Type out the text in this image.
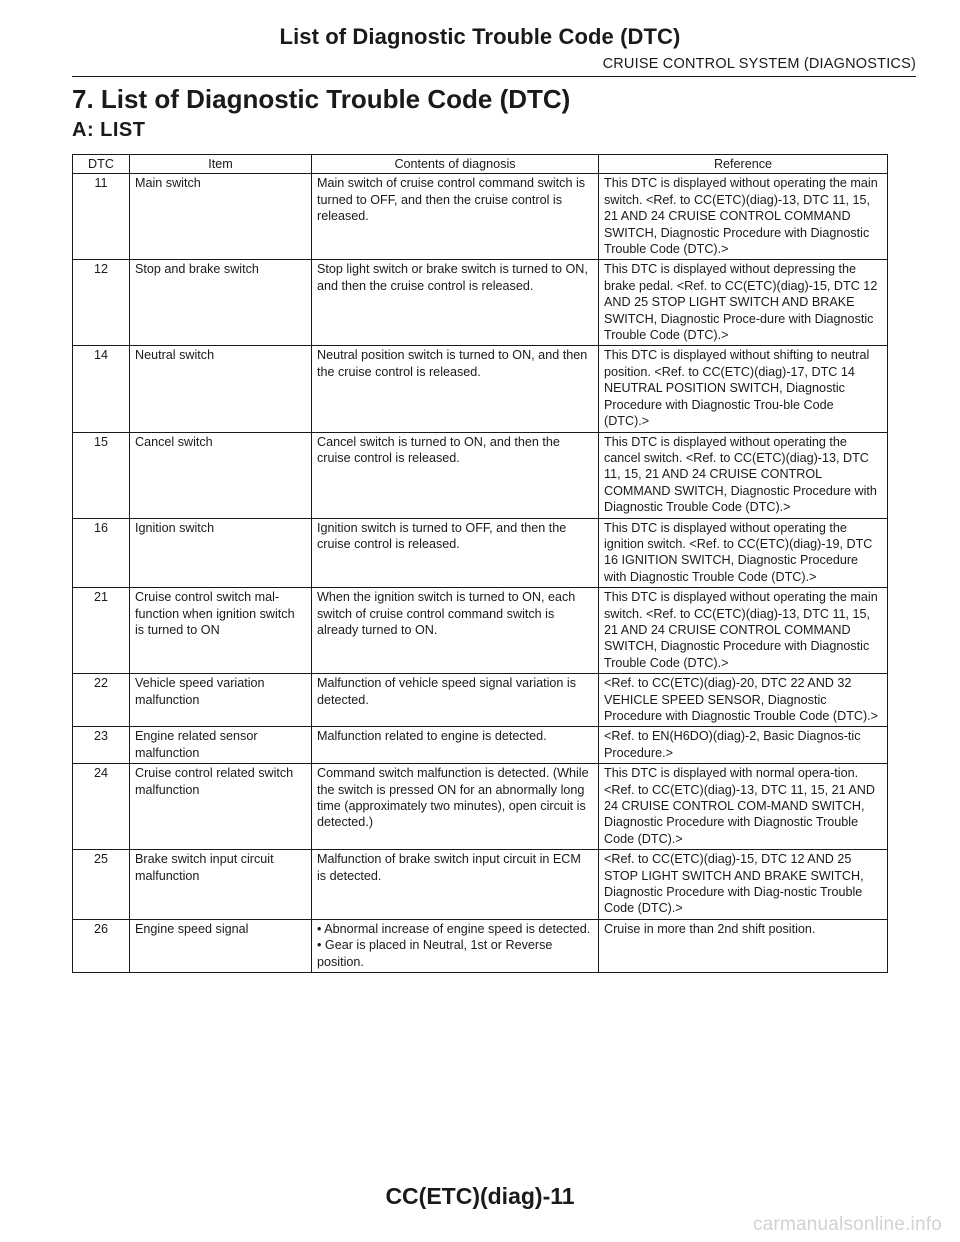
List of Diagnostic Trouble Code (DTC)
CRUISE CONTROL SYSTEM (DIAGNOSTICS)
7. List of Diagnostic Trouble Code (DTC)
A: LIST
DTC	Item	Contents of diagnosis	Reference
11	Main switch	Main switch of cruise control command switch is turned to OFF, and then the cruise control is released.	This DTC is displayed without operating the main switch. <Ref. to CC(ETC)(diag)-13, DTC 11, 15, 21 AND 24 CRUISE CONTROL COMMAND SWITCH, Diagnostic Procedure with Diagnostic Trouble Code (DTC).>
12	Stop and brake switch	Stop light switch or brake switch is turned to ON, and then the cruise control is released.	This DTC is displayed without depressing the brake pedal. <Ref. to CC(ETC)(diag)-15, DTC 12 AND 25 STOP LIGHT SWITCH AND BRAKE SWITCH, Diagnostic Proce-dure with Diagnostic Trouble Code (DTC).>
14	Neutral switch	Neutral position switch is turned to ON, and then the cruise control is released.	This DTC is displayed without shifting to neutral position. <Ref. to CC(ETC)(diag)-17, DTC 14 NEUTRAL POSITION SWITCH, Diagnostic Procedure with Diagnostic Trou-ble Code (DTC).>
15	Cancel switch	Cancel switch is turned to ON, and then the cruise control is released.	This DTC is displayed without operating the cancel switch. <Ref. to CC(ETC)(diag)-13, DTC 11, 15, 21 AND 24 CRUISE CONTROL COMMAND SWITCH, Diagnostic Procedure with Diagnostic Trouble Code (DTC).>
16	Ignition switch	Ignition switch is turned to OFF, and then the cruise control is released.	This DTC is displayed without operating the ignition switch. <Ref. to CC(ETC)(diag)-19, DTC 16 IGNITION SWITCH, Diagnostic Procedure with Diagnostic Trouble Code (DTC).>
21	Cruise control switch mal-function when ignition switch is turned to ON	When the ignition switch is turned to ON, each switch of cruise control command switch is already turned to ON.	This DTC is displayed without operating the main switch. <Ref. to CC(ETC)(diag)-13, DTC 11, 15, 21 AND 24 CRUISE CONTROL COMMAND SWITCH, Diagnostic Procedure with Diagnostic Trouble Code (DTC).>
22	Vehicle speed variation malfunction	Malfunction of vehicle speed signal variation is detected.	<Ref. to CC(ETC)(diag)-20, DTC 22 AND 32 VEHICLE SPEED SENSOR, Diagnostic Procedure with Diagnostic Trouble Code (DTC).>
23	Engine related sensor malfunction	Malfunction related to engine is detected.	<Ref. to EN(H6DO)(diag)-2, Basic Diagnos-tic Procedure.>
24	Cruise control related switch malfunction	Command switch malfunction is detected. (While the switch is pressed ON for an abnormally long time (approximately two minutes), open circuit is detected.)	This DTC is displayed with normal opera-tion. <Ref. to CC(ETC)(diag)-13, DTC 11, 15, 21 AND 24 CRUISE CONTROL COM-MAND SWITCH, Diagnostic Procedure with Diagnostic Trouble Code (DTC).>
25	Brake switch input circuit malfunction	Malfunction of brake switch input circuit in ECM is detected.	<Ref. to CC(ETC)(diag)-15, DTC 12 AND 25 STOP LIGHT SWITCH AND BRAKE SWITCH, Diagnostic Procedure with Diag-nostic Trouble Code (DTC).>
26	Engine speed signal	• Abnormal increase of engine speed is detected.
• Gear is placed in Neutral, 1st or Reverse position.	Cruise in more than 2nd shift position.
CC(ETC)(diag)-11
carmanualsonline.info
